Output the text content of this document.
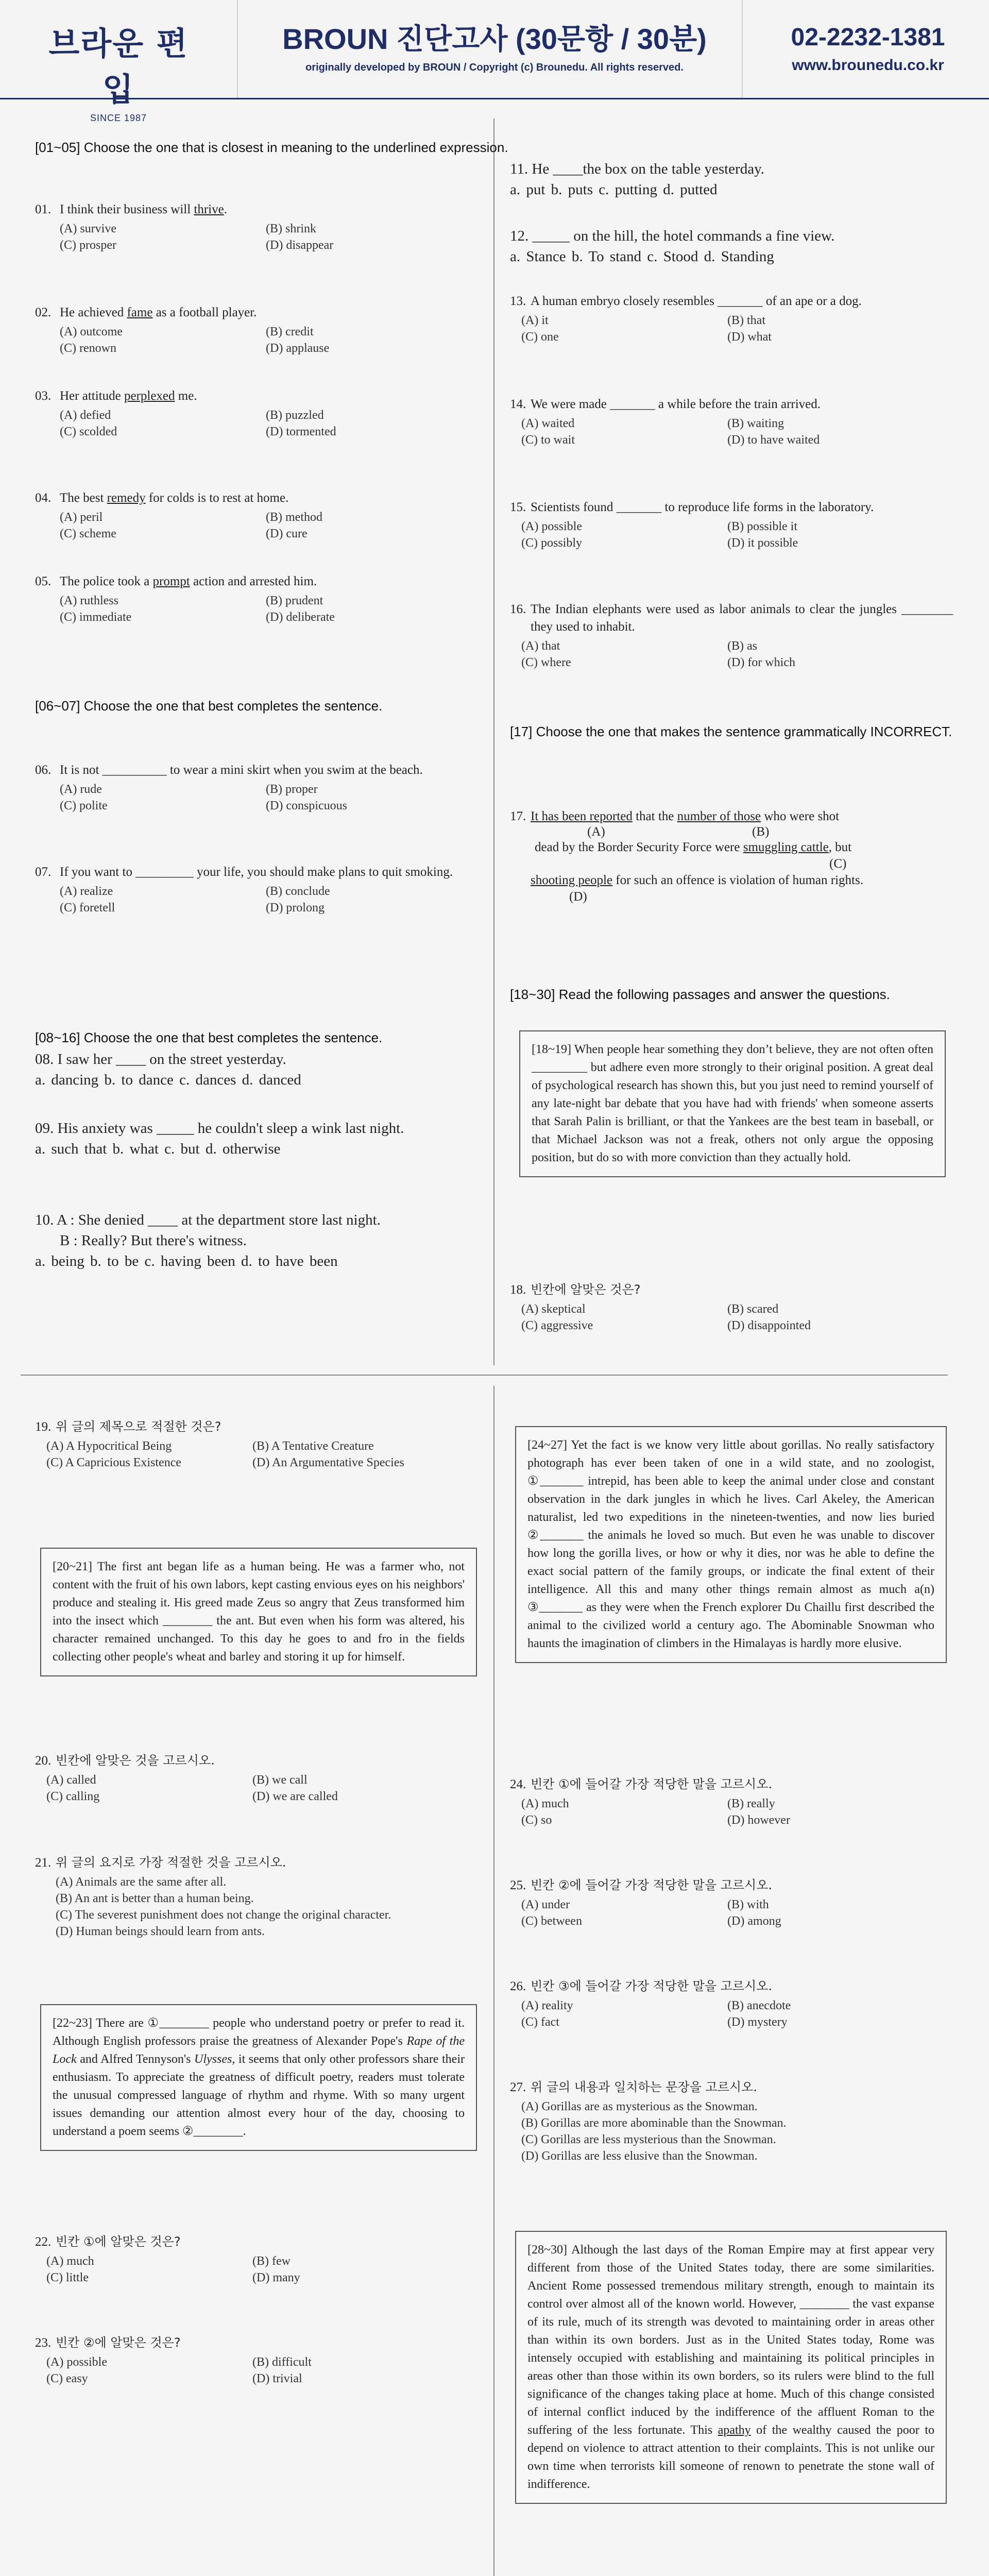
브라운 편입
SINCE 1987
BROUN 진단고사 (30문항 / 30분)
originally developed by BROUN / Copyright (c) Brounedu. All rights reserved.
02-2232-1381
www.brounedu.co.kr
[01~05] Choose the one that is closest in meaning to the underlined expression.
01. I think their business will thrive.
(A) survive	(B) shrink
(C) prosper	(D) disappear
02. He achieved fame as a football player.
(A) outcome	(B) credit
(C) renown	(D) applause
03. Her attitude perplexed me.
(A) defied	(B) puzzled
(C) scolded	(D) tormented
04. The best remedy for colds is to rest at home.
(A) peril	(B) method
(C) scheme	(D) cure
05. The police took a prompt action and arrested him.
(A) ruthless	(B) prudent
(C) immediate	(D) deliberate
[06~07] Choose the one that best completes the sentence.
06. It is not __________ to wear a mini skirt when you swim at the beach.
(A) rude	(B) proper
(C) polite	(D) conspicuous
07. If you want to _________ your life, you should make plans to quit smoking.
(A) realize	(B) conclude
(C) foretell	(D) prolong
[08~16] Choose the one that best completes the sentence.
08. I saw her ____ on the street yesterday.
a. dancing b. to dance c. dances d. danced
09. His anxiety was _____ he couldn't sleep a wink last night.
a. such that b. what c. but d. otherwise
10. A : She denied ____ at the department store last night.
B : Really? But there's witness.
a. being b. to be c. having been d. to have been
11. He ____the box on the table yesterday.
a. put b. puts c. putting d. putted
12. _____ on the hill, the hotel commands a fine view.
a. Stance b. To stand c. Stood d. Standing
13. A human embryo closely resembles _______ of an ape or a dog.
(A) it	(B) that
(C) one	(D) what
14. We were made _______ a while before the train arrived.
(A) waited	(B) waiting
(C) to wait	(D) to have waited
15. Scientists found _______ to reproduce life forms in the laboratory.
(A) possible	(B) possible it
(C) possibly	(D) it possible
16. The Indian elephants were used as labor animals to clear the jungles ________ they used to inhabit.
(A) that	(B) as
(C) where	(D) for which
[17] Choose the one that makes the sentence grammatically INCORRECT.
17. It has been reported that the number of those who were shot
(A)	(B)
dead by the Border Security Force were smuggling cattle, but
(C)
shooting people for such an offence is violation of human rights.
(D)
[18~30] Read the following passages and answer the questions.
[18~19] When people hear something they don’t believe, they are not often often _________ but adhere even more strongly to their original position. A great deal of psychological research has shown this, but you just need to remind yourself of any late-night bar debate that you have had with friends' when someone asserts that Sarah Palin is brilliant, or that the Yankees are the best team in baseball, or that Michael Jackson was not a freak, others not only argue the opposing position, but do so with more conviction than they actually hold.
18. 빈칸에 알맞은 것은?
(A) skeptical	(B) scared
(C) aggressive	(D) disappointed
19. 위 글의 제목으로 적절한 것은?
(A) A Hypocritical Being	(B) A Tentative Creature
(C) A Capricious Existence	(D) An Argumentative Species
[20~21] The first ant began life as a human being. He was a farmer who, not content with the fruit of his own labors, kept casting envious eyes on his neighbors' produce and stealing it. His greed made Zeus so angry that Zeus transformed him into the insect which ________ the ant. But even when his form was altered, his character remained unchanged. To this day he goes to and fro in the fields collecting other people's wheat and barley and storing it up for himself.
20. 빈칸에 알맞은 것을 고르시오.
(A) called	(B) we call
(C) calling	(D) we are called
21. 위 글의 요지로 가장 적절한 것을 고르시오.
(A) Animals are the same after all.
(B) An ant is better than a human being.
(C) The severest punishment does not change the original character.
(D) Human beings should learn from ants.
[22~23] There are ①________ people who understand poetry or prefer to read it. Although English professors praise the greatness of Alexander Pope's Rape of the Lock and Alfred Tennyson's Ulysses, it seems that only other professors share their enthusiasm. To appreciate the greatness of difficult poetry, readers must tolerate the unusual compressed language of rhythm and rhyme. With so many urgent issues demanding our attention almost every hour of the day, choosing to understand a poem seems ②________.
22. 빈칸 ①에 알맞은 것은?
(A) much	(B) few
(C) little	(D) many
23. 빈칸 ②에 알맞은 것은?
(A) possible	(B) difficult
(C) easy	(D) trivial
[24~27] Yet the fact is we know very little about gorillas. No really satisfactory photograph has ever been taken of one in a wild state, and no zoologist, ①_______ intrepid, has been able to keep the animal under close and constant observation in the dark jungles in which he lives. Carl Akeley, the American naturalist, led two expeditions in the nineteen-twenties, and now lies buried ②_______ the animals he loved so much. But even he was unable to discover how long the gorilla lives, or how or why it dies, nor was he able to define the exact social pattern of the family groups, or indicate the final extent of their intelligence. All this and many other things remain almost as much a(n) ③_______ as they were when the French explorer Du Chaillu first described the animal to the civilized world a century ago. The Abominable Snowman who haunts the imagination of climbers in the Himalayas is hardly more elusive.
24. 빈칸 ①에 들어갈 가장 적당한 말을 고르시오.
(A) much	(B) really
(C) so	(D) however
25. 빈칸 ②에 들어갈 가장 적당한 말을 고르시오.
(A) under	(B) with
(C) between	(D) among
26. 빈칸 ③에 들어갈 가장 적당한 말을 고르시오.
(A) reality	(B) anecdote
(C) fact	(D) mystery
27. 위 글의 내용과 일치하는 문장을 고르시오.
(A) Gorillas are as mysterious as the Snowman.
(B) Gorillas are more abominable than the Snowman.
(C) Gorillas are less mysterious than the Snowman.
(D) Gorillas are less elusive than the Snowman.
[28~30] Although the last days of the Roman Empire may at first appear very different from those of the United States today, there are some similarities. Ancient Rome possessed tremendous military strength, enough to maintain its control over almost all of the known world. However, ________ the vast expanse of its rule, much of its strength was devoted to maintaining order in areas other than within its own borders. Just as in the United States today, Rome was intensely occupied with establishing and maintaining its political principles in areas other than those within its own borders, so its rulers were blind to the full significance of the changes taking place at home. Much of this change consisted of internal conflict induced by the indifference of the affluent Roman to the suffering of the less fortunate. This apathy of the wealthy caused the poor to depend on violence to attract attention to their complaints. This is not unlike our own time when terrorists kill someone of renown to penetrate the stone wall of indifference.
